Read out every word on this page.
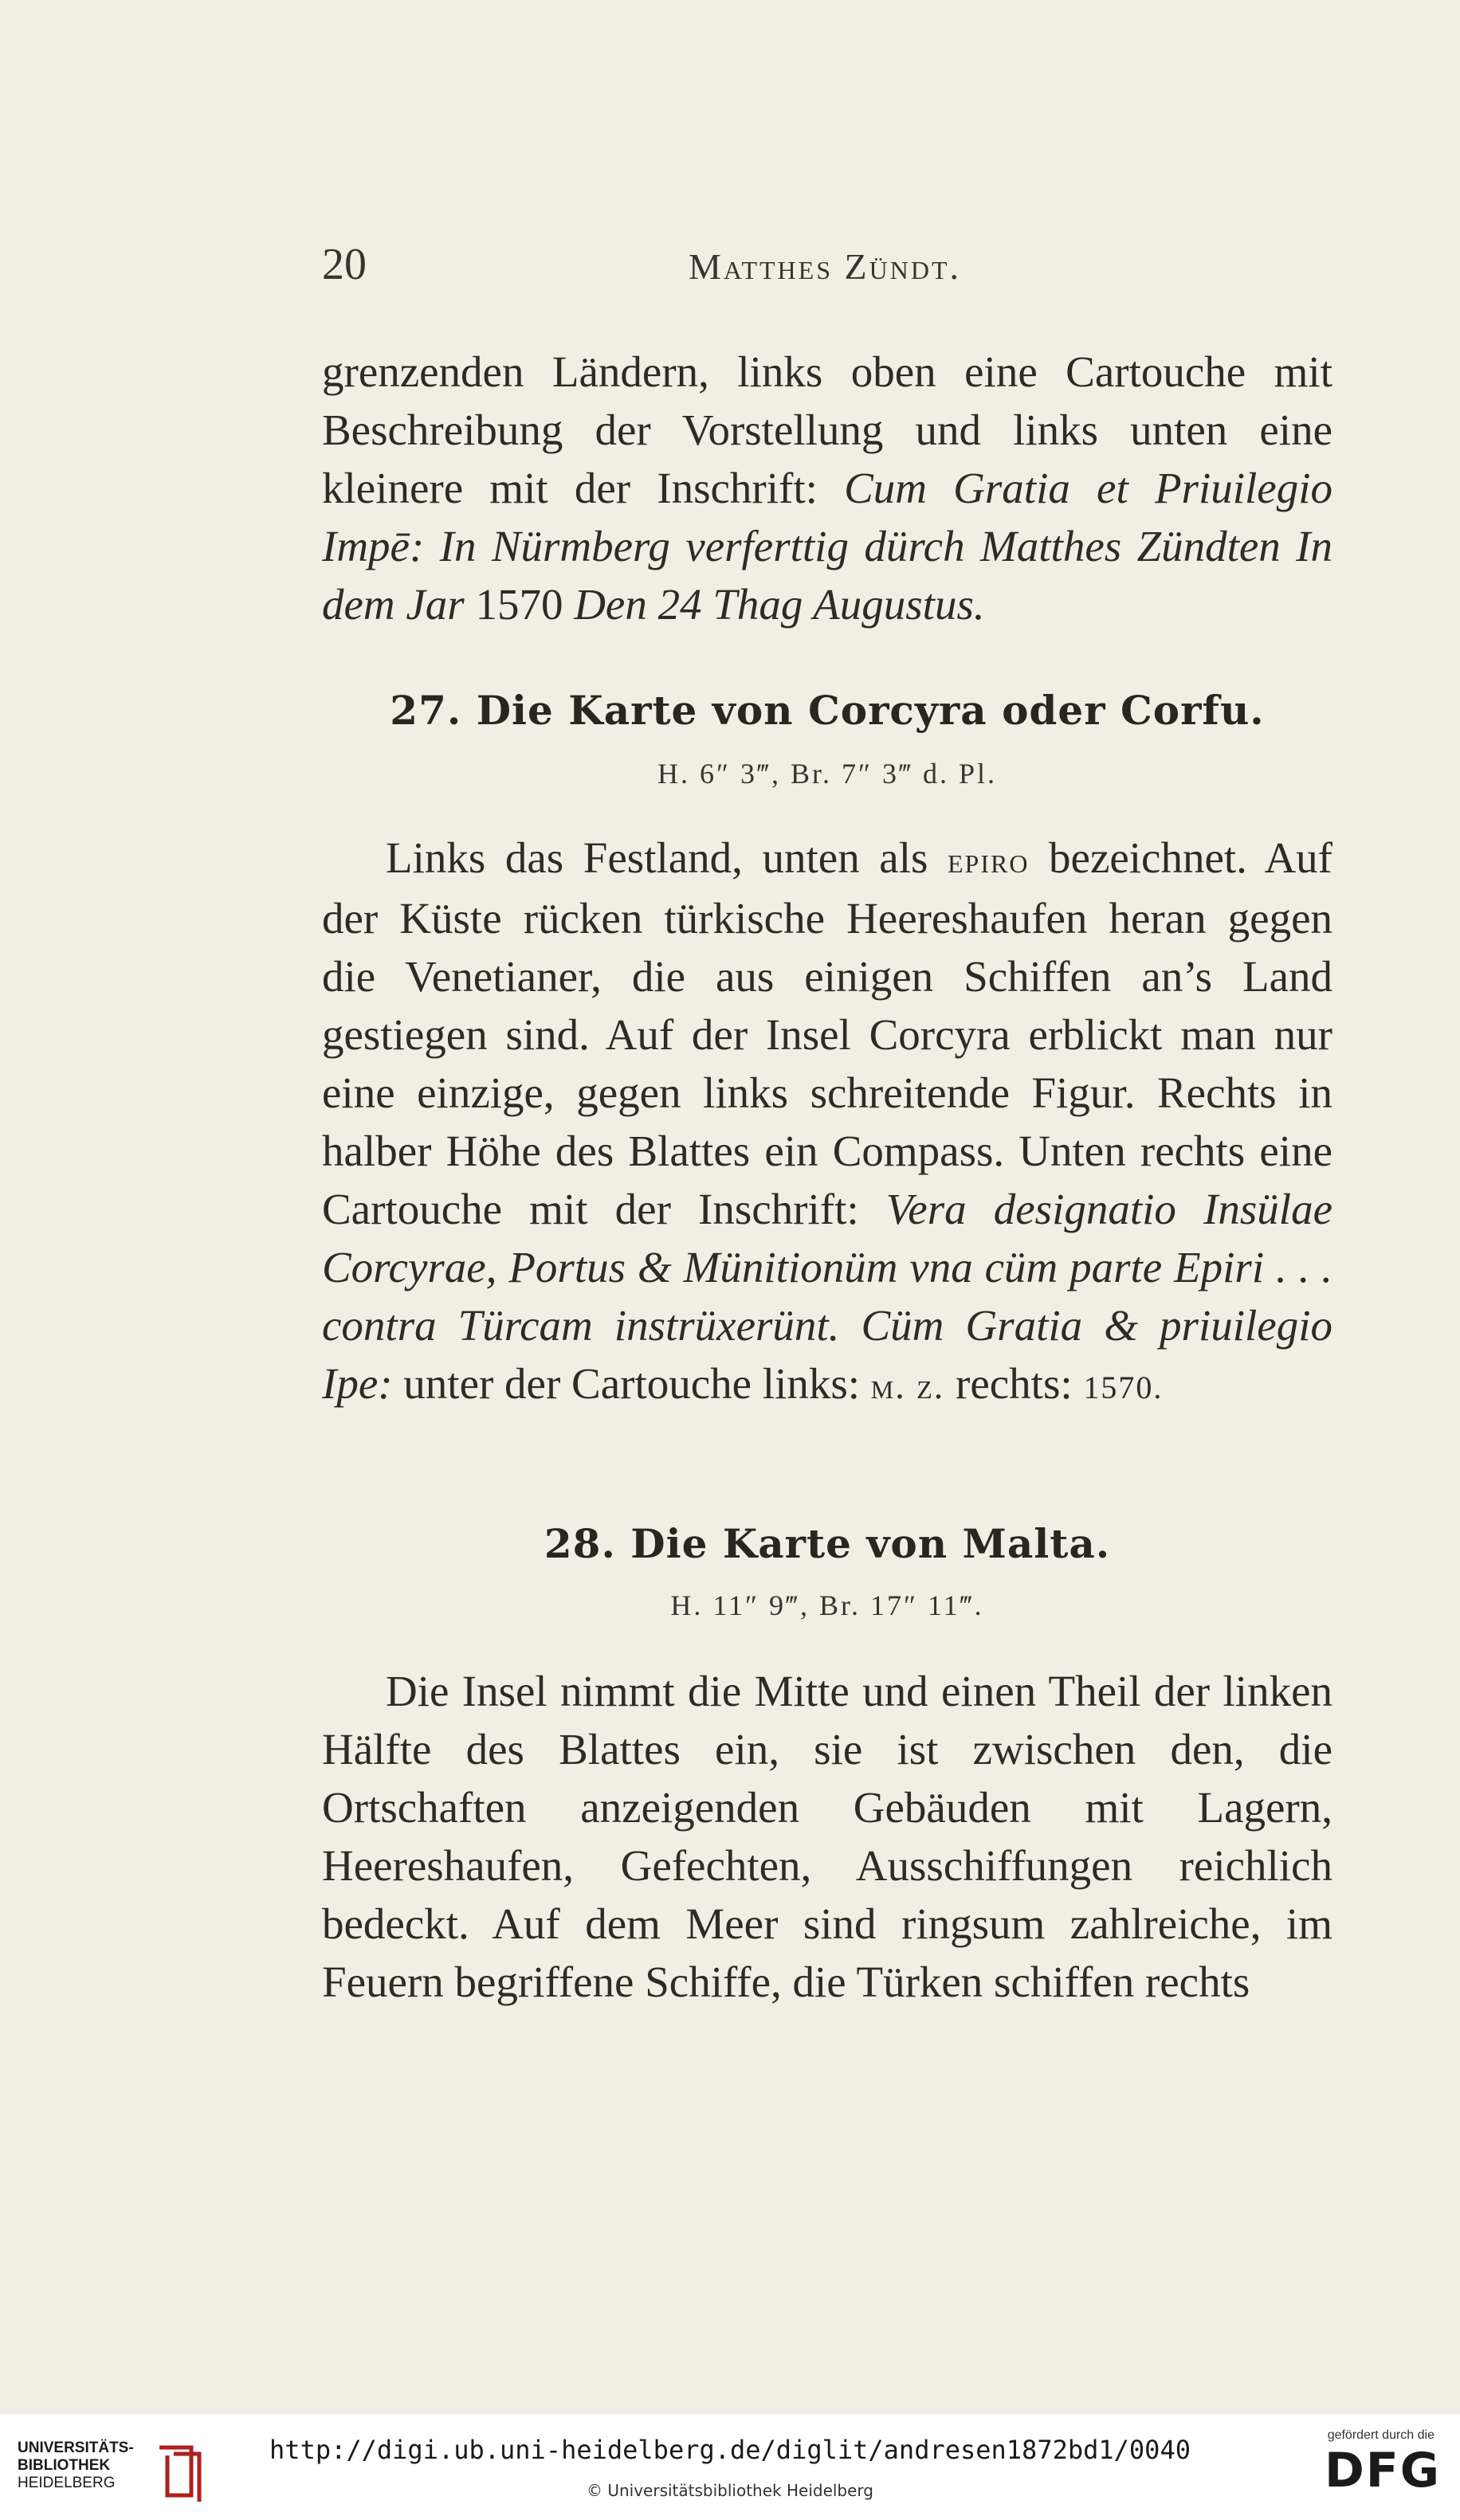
20	Matthes Zündt.

grenzenden Ländern, links oben eine Cartouche mit Beschreibung der Vorstellung und links unten eine kleinere mit der Inschrift: Cum Gratia et Priuilegio Impē: In Nürmberg verferttig dürch Matthes Zündten In dem Jar 1570 Den 24 Thag Augustus.

27. Die Karte von Corcyra oder Corfu.
H. 6″ 3‴, Br. 7″ 3‴ d. Pl.

Links das Festland, unten als epiro bezeichnet. Auf der Küste rücken türkische Heereshaufen heran gegen die Venetianer, die aus einigen Schiffen an’s Land gestiegen sind. Auf der Insel Corcyra erblickt man nur eine einzige, gegen links schreitende Figur. Rechts in halber Höhe des Blattes ein Compass. Unten rechts eine Cartouche mit der Inschrift: Vera designatio Insülae Corcyrae, Portus & Münitionüm vna cüm parte Epiri . . . contra Türcam instrüxerünt. Cüm Gratia & priuilegio Ipe: unter der Cartouche links: m. z. rechts: 1570.

28. Die Karte von Malta.
H. 11″ 9‴, Br. 17″ 11‴.

Die Insel nimmt die Mitte und einen Theil der linken Hälfte des Blattes ein, sie ist zwischen den, die Ortschaften anzeigenden Gebäuden mit Lagern, Heereshaufen, Gefechten, Ausschiffungen reichlich bedeckt. Auf dem Meer sind ringsum zahlreiche, im Feuern begriffene Schiffe, die Türken schiffen rechts

UNIVERSITÄTS-
BIBLIOTHEK
HEIDELBERG
http://digi.ub.uni-heidelberg.de/diglit/andresen1872bd1/0040
© Universitätsbibliothek Heidelberg
gefördert durch die
DFG
